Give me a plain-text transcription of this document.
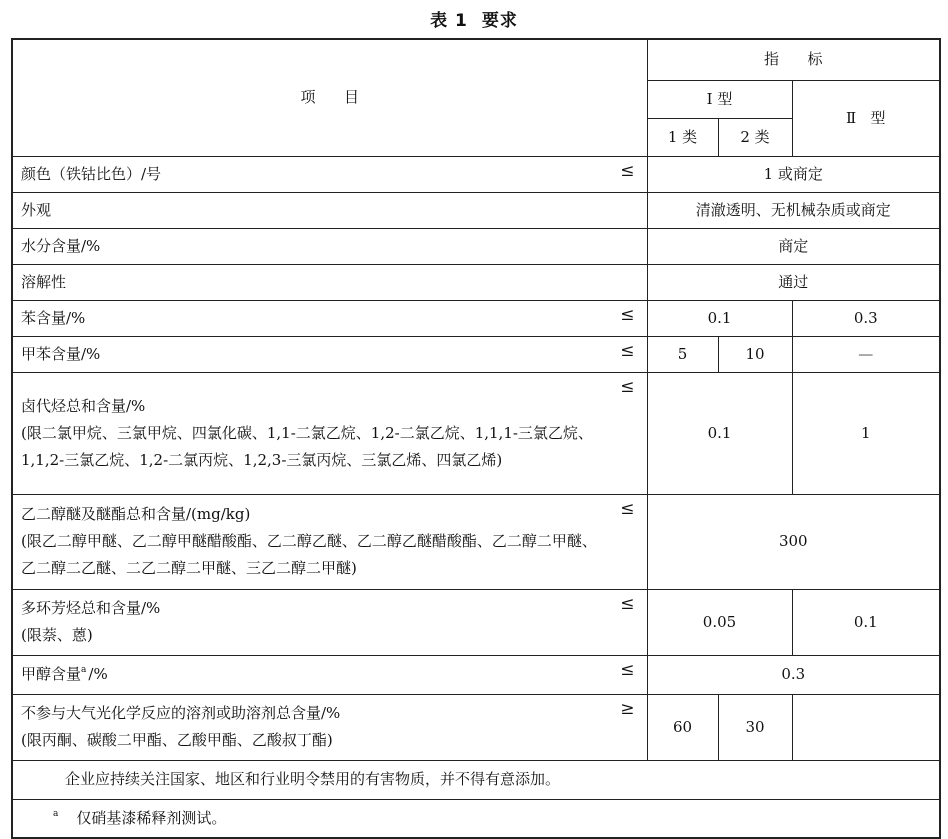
表 1 要求
项      目	指      标		
	Ⅰ 型		Ⅱ   型
	1 类	2 类	
颜色（铁钴比色）/号 ≤	1 或商定		
外观	清澈透明、无机械杂质或商定		
水分含量/%	商定		
溶解性	通过		
苯含量/% ≤	0.1		0.3
甲苯含量/% ≤	5	10	—
卤代烃总和含量/%
≤

(限二氯甲烷、三氯甲烷、四氯化碳、1,1-二氯乙烷、1,2-二氯乙烷、1,1,1-三氯乙烷、1,1,2-三氯乙烷、1,2-二氯丙烷、1,2,3-三氯丙烷、三氯乙烯、四氯乙烯)	0.1		1
乙二醇醚及醚酯总和含量/(mg/kg) ≤

(限乙二醇甲醚、乙二醇甲醚醋酸酯、乙二醇乙醚、乙二醇乙醚醋酸酯、乙二醇二甲醚、乙二醇二乙醚、二乙二醇二甲醚、三乙二醇二甲醚)	300		
多环芳烃总和含量/% ≤

(限萘、蒽)	0.05		0.1
甲醇含量$^a$ /% ≤	0.3		
不参与大气光化学反应的溶剂或助溶剂总含量/% ≥

(限丙酮、碳酸二甲酯、乙酸甲酯、乙酸叔丁酯)	60	30	
企业应持续关注国家、地区和行业明令禁用的有害物质，并不得有意添加。			
$^a$ 仅硝基漆稀释剂测试。			
